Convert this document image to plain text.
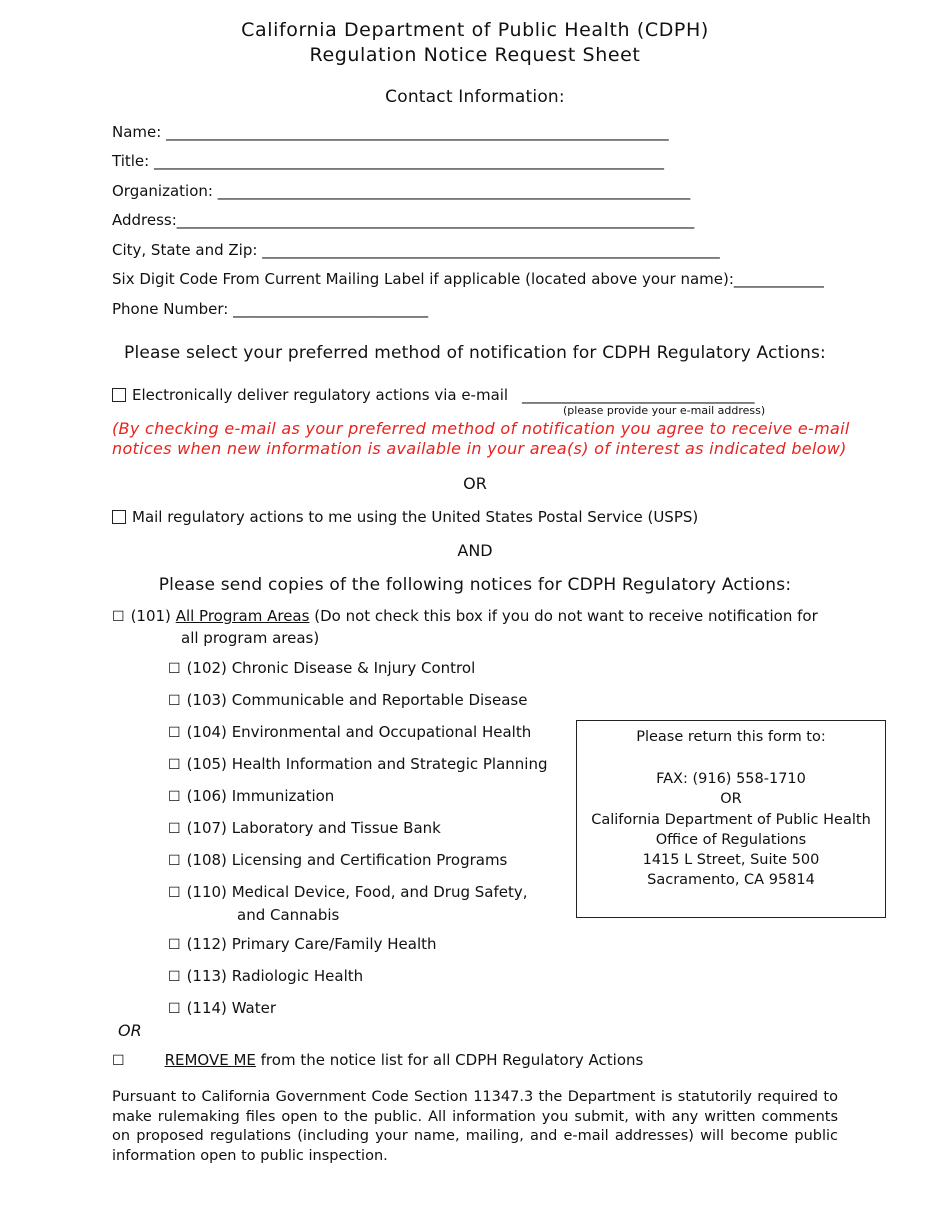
California Department of Public Health (CDPH)
Regulation Notice Request Sheet
Contact Information:
Name: ___________________________________________________________________
Title: ____________________________________________________________________
Organization: _______________________________________________________________
Address:_____________________________________________________________________
City, State and Zip: _____________________________________________________________
Six Digit Code From Current Mailing Label if applicable (located above your name):____________
Phone Number: __________________________
Please select your preferred method of notification for CDPH Regulatory Actions:
Electronically deliver regulatory actions via e-mail _______________________________
(please provide your e-mail address)
(By checking e-mail as your preferred method of notification you agree to receive e-mail
notices when new information is available in your area(s) of interest as indicated below)
OR
Mail regulatory actions to me using the United States Postal Service (USPS)
AND
Please send copies of the following notices for CDPH Regulatory Actions:
☐ (101) All Program Areas (Do not check this box if you do not want to receive notification for
all program areas)
☐ (102) Chronic Disease & Injury Control
☐ (103) Communicable and Reportable Disease
☐ (104) Environmental and Occupational Health
☐ (105) Health Information and Strategic Planning
☐ (106) Immunization
☐ (107) Laboratory and Tissue Bank
☐ (108) Licensing and Certification Programs
☐ (110) Medical Device, Food, and Drug Safety,
and Cannabis
☐ (112) Primary Care/Family Health
☐ (113) Radiologic Health
☐ (114) Water
OR
☐	REMOVE ME from the notice list for all CDPH Regulatory Actions
Please return this form to:
FAX: (916) 558-1710
OR
California Department of Public Health
Office of Regulations
1415 L Street, Suite 500
Sacramento, CA 95814
Pursuant to California Government Code Section 11347.3 the Department is statutorily required to make rulemaking files open to the public. All information you submit, with any written comments on proposed regulations (including your name, mailing, and e-mail addresses) will become public information open to public inspection.
